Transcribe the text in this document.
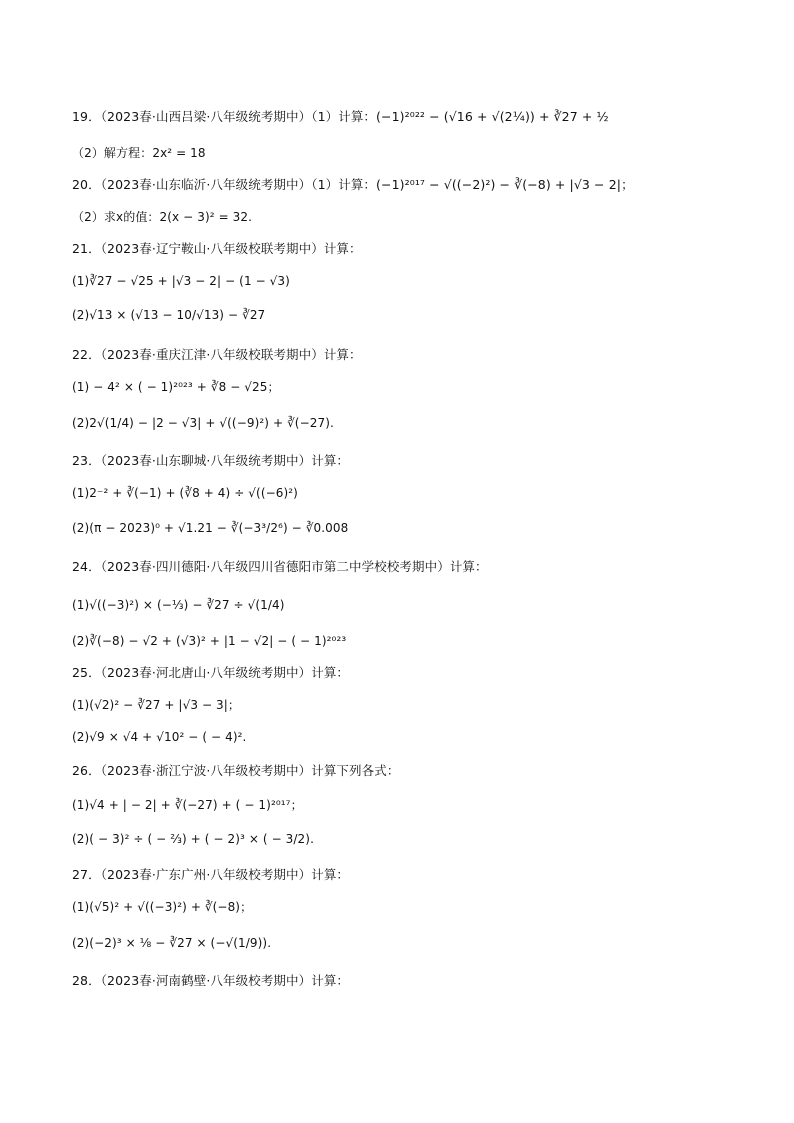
19．（2023春·山西吕梁·八年级统考期中）（1）计算：(−1)²⁰²² − (√16 + √(2¼)) + ∛27 + ½
（2）解方程：2x² = 18
20．（2023春·山东临沂·八年级统考期中）（1）计算：(−1)²⁰¹⁷ − √((−2)²) − ∛(−8) + |√3 − 2|；
（2）求x的值：2(x − 3)² = 32.
21．（2023春·辽宁鞍山·八年级校联考期中）计算：
(1)∛27 − √25 + |√3 − 2| − (1 − √3)
(2)√13 × (√13 − 10/√13) − ∛27
22．（2023春·重庆江津·八年级校联考期中）计算：
(1) − 4² × ( − 1)²⁰²³ + ∛8 − √25；
(2)2√(1/4) − |2 − √3| + √((−9)²) + ∛(−27).
23．（2023春·山东聊城·八年级统考期中）计算：
(1)2⁻² + ∛(−1) + (∛8 + 4) ÷ √((−6)²)
(2)(π − 2023)⁰ + √1.21 − ∛(−3³/2⁶) − ∛0.008
24．（2023春·四川德阳·八年级四川省德阳市第二中学校校考期中）计算：
(1)√((−3)²) × (−⅓) − ∛27 ÷ √(1/4)
(2)∛(−8) − √2 + (√3)² + |1 − √2| − ( − 1)²⁰²³
25．（2023春·河北唐山·八年级统考期中）计算：
(1)(√2)² − ∛27 + |√3 − 3|；
(2)√9 × √4 + √10² − ( − 4)².
26．（2023春·浙江宁波·八年级校考期中）计算下列各式：
(1)√4 + | − 2| + ∛(−27) + ( − 1)²⁰¹⁷；
(2)( − 3)² ÷ ( − ⅔) + ( − 2)³ × ( − 3/2).
27．（2023春·广东广州·八年级校考期中）计算：
(1)(√5)² + √((−3)²) + ∛(−8)；
(2)(−2)³ × ⅛ − ∛27 × (−√(1/9)).
28．（2023春·河南鹤壁·八年级校考期中）计算：
